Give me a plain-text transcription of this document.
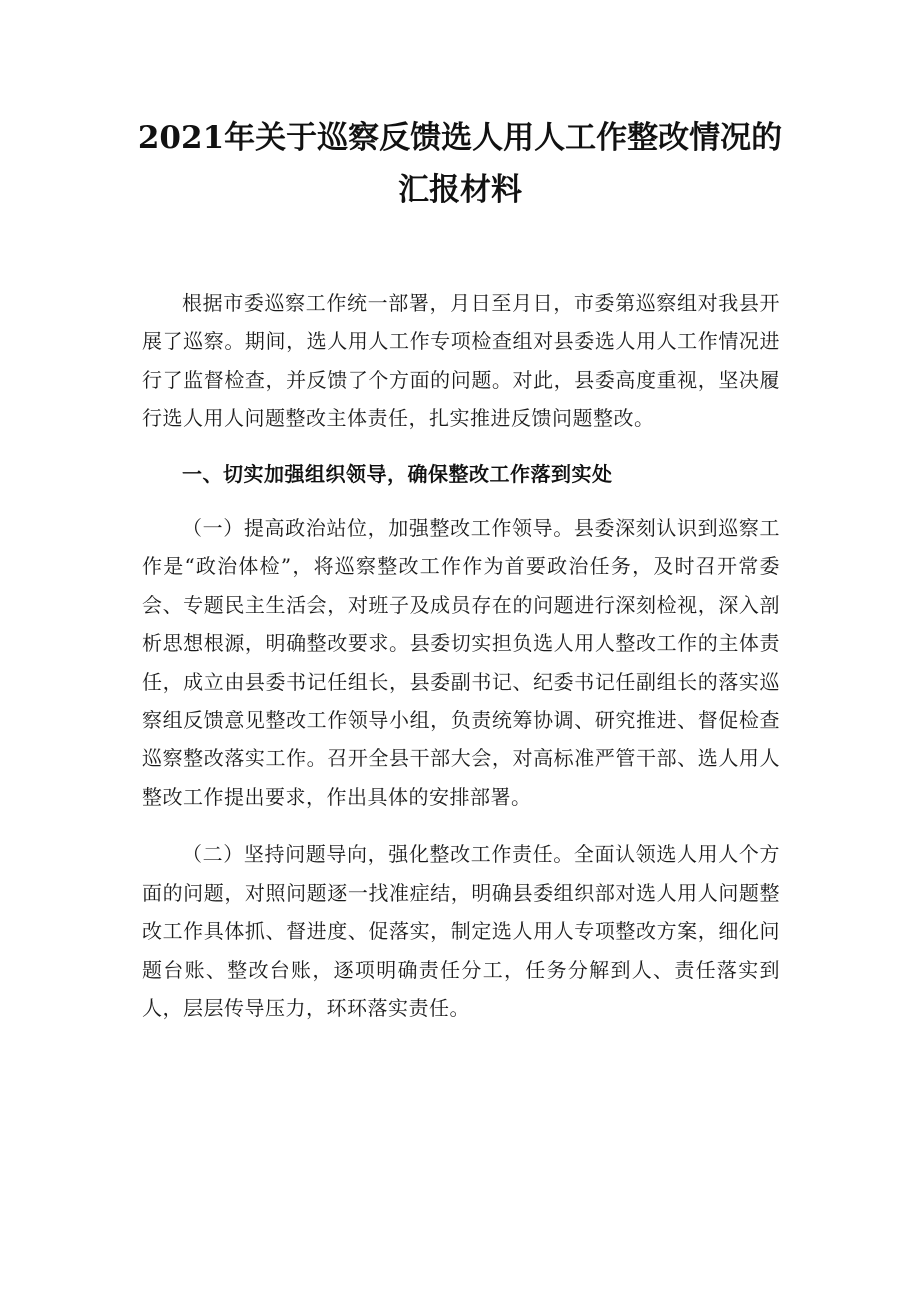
2021年关于巡察反馈选人用人工作整改情况的汇报材料

根据市委巡察工作统一部署，月日至月日，市委第巡察组对我县开展了巡察。期间，选人用人工作专项检查组对县委选人用人工作情况进行了监督检查，并反馈了个方面的问题。对此，县委高度重视，坚决履行选人用人问题整改主体责任，扎实推进反馈问题整改。

一、切实加强组织领导，确保整改工作落到实处

（一）提高政治站位，加强整改工作领导。县委深刻认识到巡察工作是“政治体检”，将巡察整改工作作为首要政治任务，及时召开常委会、专题民主生活会，对班子及成员存在的问题进行深刻检视，深入剖析思想根源，明确整改要求。县委切实担负选人用人整改工作的主体责任，成立由县委书记任组长，县委副书记、纪委书记任副组长的落实巡察组反馈意见整改工作领导小组，负责统筹协调、研究推进、督促检查巡察整改落实工作。召开全县干部大会，对高标准严管干部、选人用人整改工作提出要求，作出具体的安排部署。

（二）坚持问题导向，强化整改工作责任。全面认领选人用人个方面的问题，对照问题逐一找准症结，明确县委组织部对选人用人问题整改工作具体抓、督进度、促落实，制定选人用人专项整改方案，细化问题台账、整改台账，逐项明确责任分工，任务分解到人、责任落实到人，层层传导压力，环环落实责任。
